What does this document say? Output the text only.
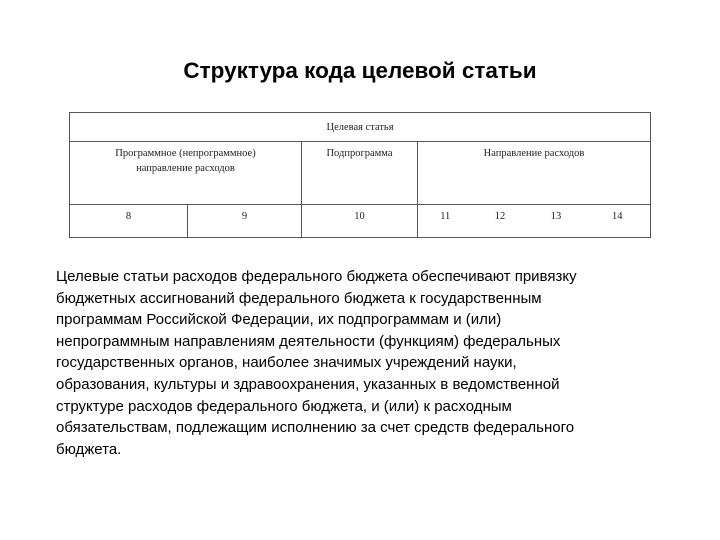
Структура кода целевой статьи
Целевая статья						
Программное (непрограммное) направление расходов		Подпрограмма	Направление расходов			
8	9	10	11	12	13	14
Целевые статьи расходов федерального бюджета обеспечивают привязку
бюджетных ассигнований федерального бюджета к государственным
программам Российской Федерации, их подпрограммам и (или)
непрограммным направлениям деятельности (функциям) федеральных
государственных органов, наиболее значимых учреждений науки,
образования, культуры и здравоохранения, указанных в ведомственной
структуре расходов федерального бюджета, и (или) к расходным
обязательствам, подлежащим исполнению за счет средств федерального
бюджета.
